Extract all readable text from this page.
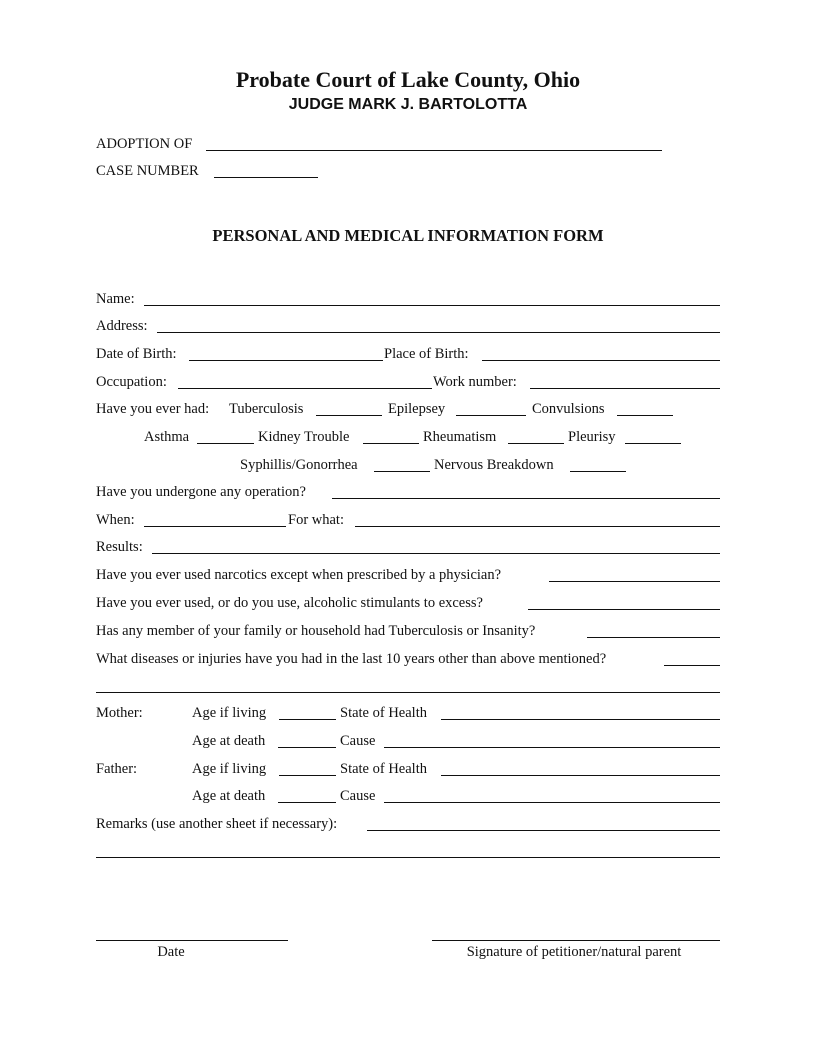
Probate Court of Lake County, Ohio
JUDGE MARK J. BARTOLOTTA
ADOPTION OF
CASE NUMBER
PERSONAL AND MEDICAL INFORMATION FORM
Name:
Address:
Date of Birth:	Place of Birth:
Occupation:	Work number:
Have you ever had: Tuberculosis	Epilepsey	Convulsions
Asthma	Kidney Trouble	Rheumatism	Pleurisy
Syphillis/Gonorrhea	Nervous Breakdown
Have you undergone any operation?
When:	For what:
Results:
Have you ever used narcotics except when prescribed by a physician?
Have you ever used, or do you use, alcoholic stimulants to excess?
Has any member of your family or household had Tuberculosis or Insanity?
What diseases or injuries have you had in the last 10 years other than above mentioned?
Mother:	Age if living	State of Health
Age at death	Cause
Father:	Age if living	State of Health
Age at death	Cause
Remarks (use another sheet if necessary):
Date	Signature of petitioner/natural parent
